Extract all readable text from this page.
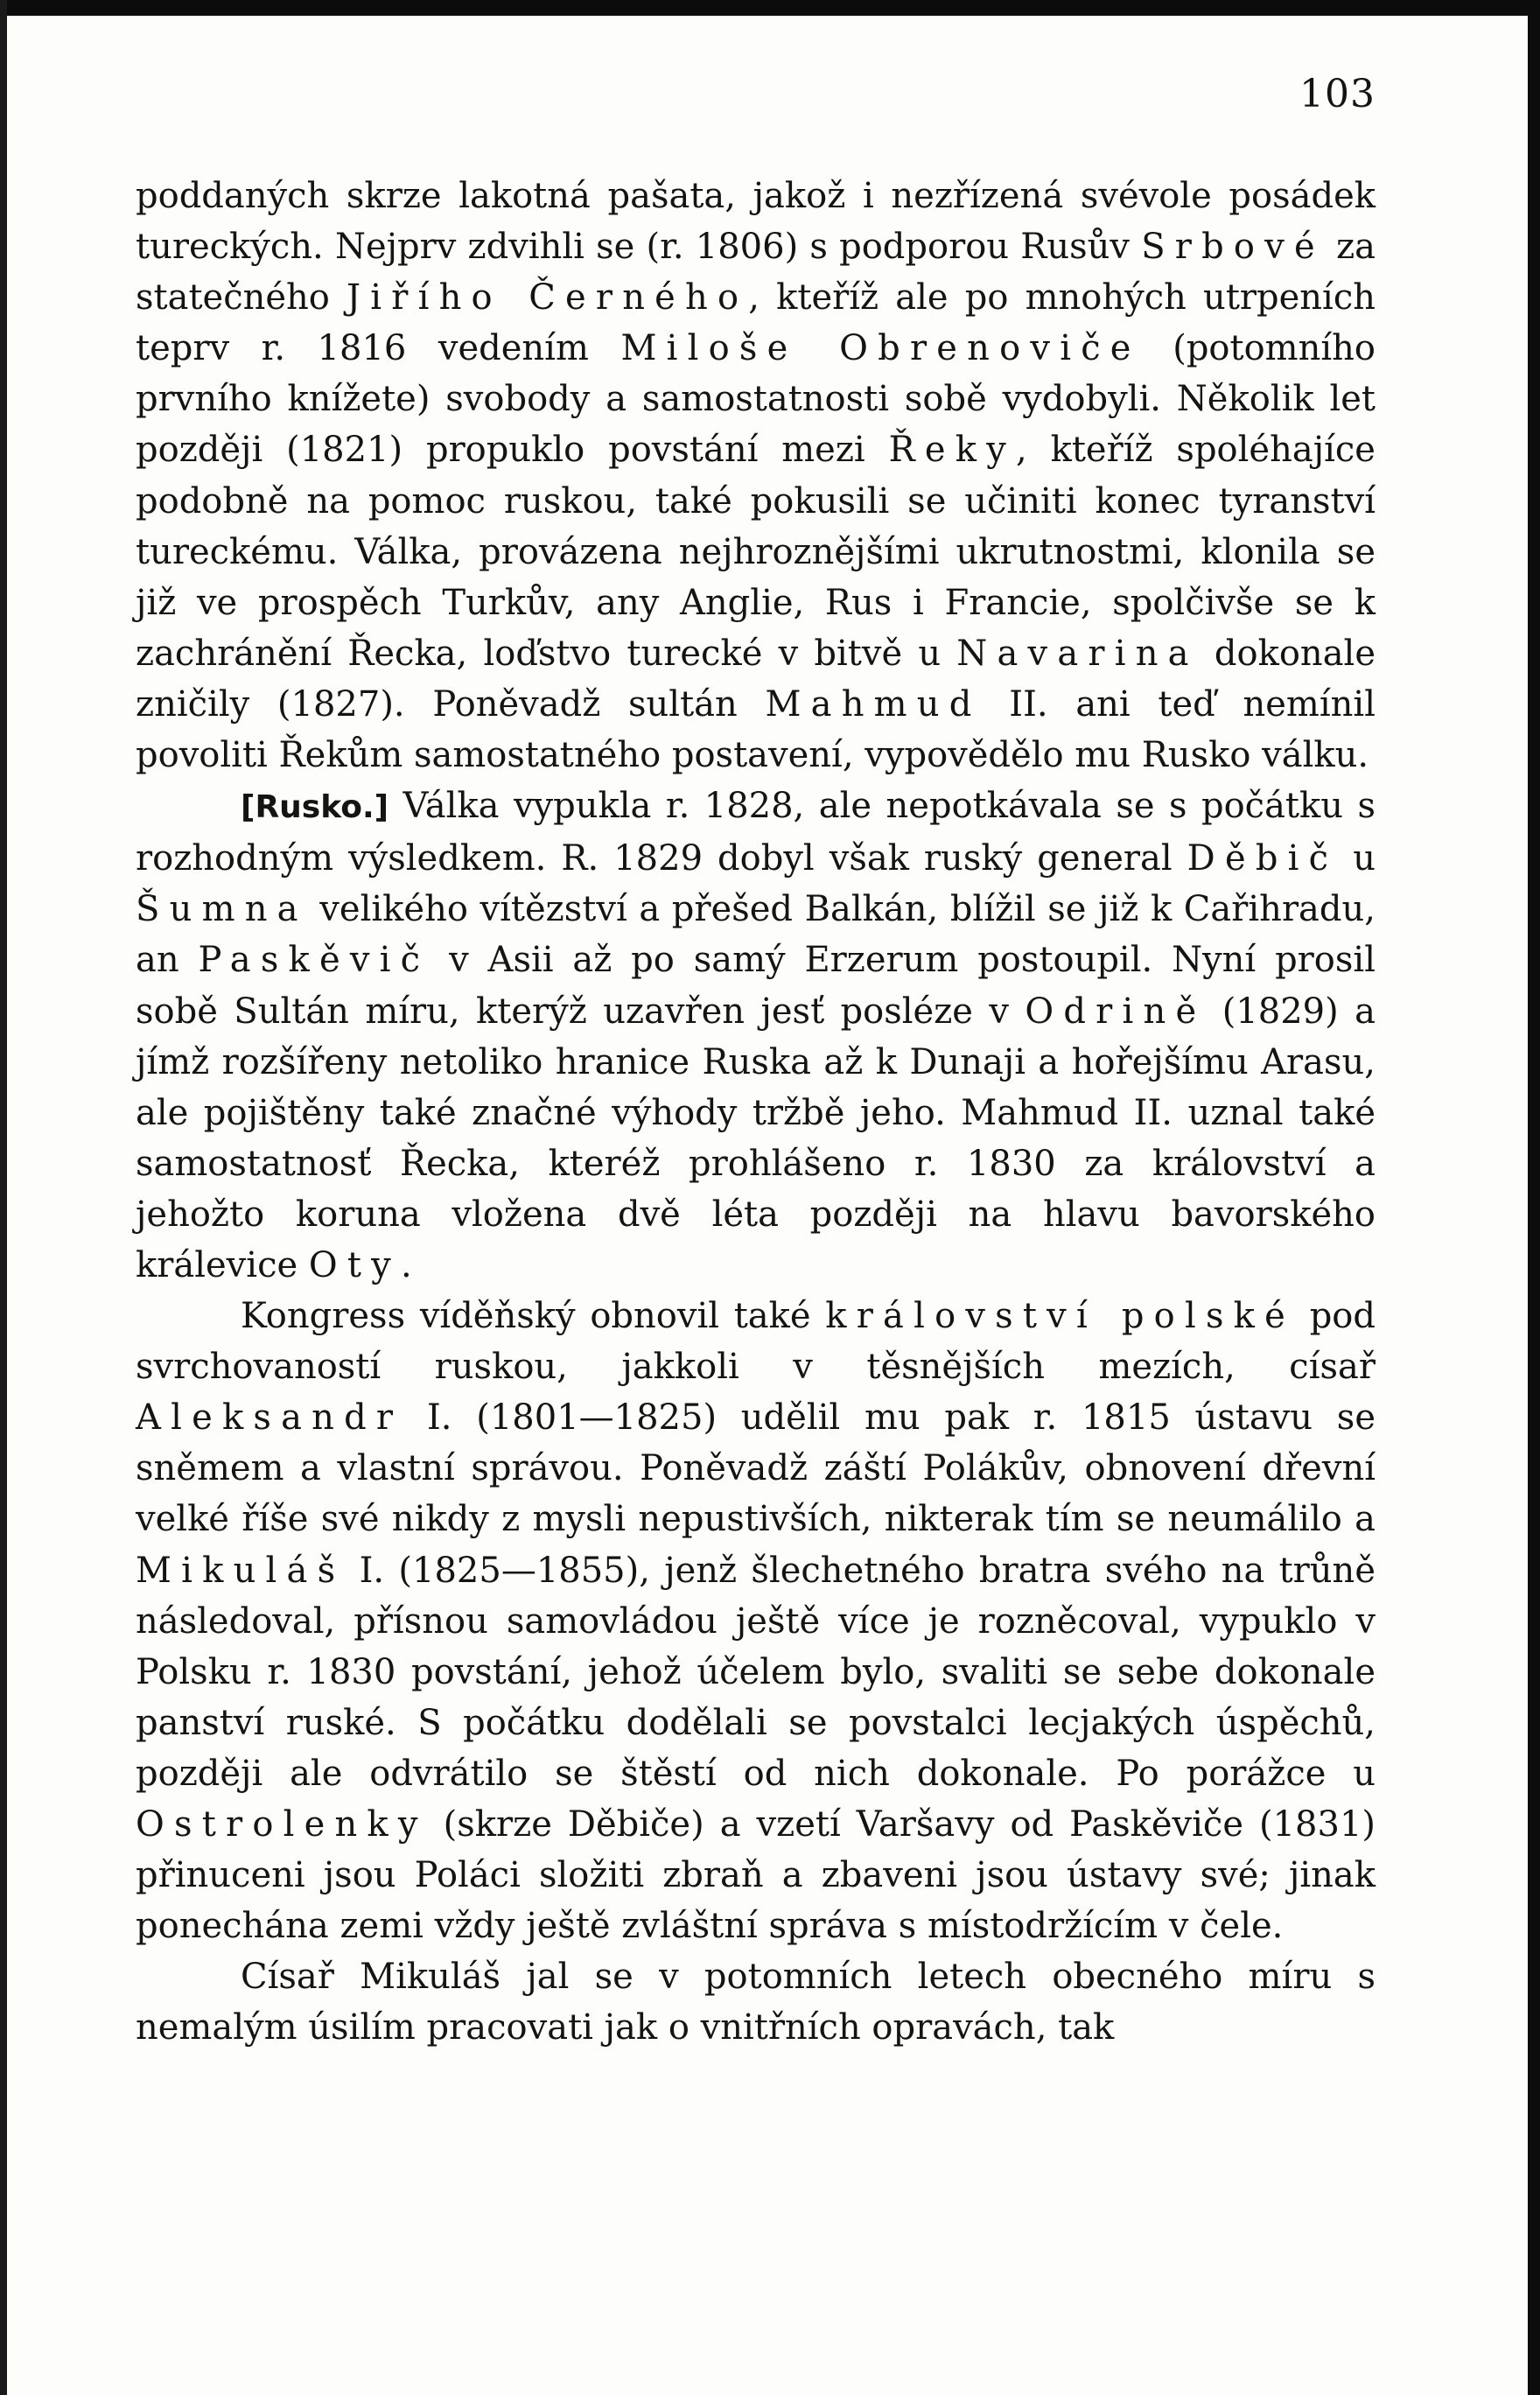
103

poddaných skrze lakotná pašata, jakož i nezřízená svévole posádek tureckých. Nejprv zdvihli se (r. 1806) s podporou Rusův Srbové za statečného Jiřího Černého, kteříž ale po mnohých utrpeních teprv r. 1816 vedením Miloše Obrenoviče (potomního prvního knížete) svobody a samostatnosti sobě vydobyli. Několik let později (1821) propuklo povstání mezi Řeky, kteříž spoléhajíce podobně na pomoc ruskou, také pokusili se učiniti konec tyranství tureckému. Válka, provázena nejhroznějšími ukrutnostmi, klonila se již ve prospěch Turkův, any Anglie, Rus i Francie, spolčivše se k zachránění Řecka, loďstvo turecké v bitvě u Navarina dokonale zničily (1827). Poněvadž sultán Mahmud II. ani teď nemínil povoliti Řekům samostatného postavení, vypovědělo mu Rusko válku.

[Rusko.] Válka vypukla r. 1828, ale nepotkávala se s počátku s rozhodným výsledkem. R. 1829 dobyl však ruský general Děbič u Šumna velikého vítězství a přešed Balkán, blížil se již k Cařihradu, an Paskěvič v Asii až po samý Erzerum postoupil. Nyní prosil sobě Sultán míru, kterýž uzavřen jesť posléze v Odrině (1829) a jímž rozšířeny netoliko hranice Ruska až k Dunaji a hořejšímu Arasu, ale pojištěny také značné výhody tržbě jeho. Mahmud II. uznal také samostatnosť Řecka, kteréž prohlášeno r. 1830 za království a jehožto koruna vložena dvě léta později na hlavu bavorského králevice Oty.

Kongress víděňský obnovil také království polské pod svrchovaností ruskou, jakkoli v těsnějších mezích, císař Aleksandr I. (1801—1825) udělil mu pak r. 1815 ústavu se sněmem a vlastní správou. Poněvadž záští Polákův, obnovení dřevní velké říše své nikdy z mysli nepustivších, nikterak tím se neumálilo a Mikuláš I. (1825—1855), jenž šlechetného bratra svého na trůně následoval, přísnou samovládou ještě více je rozněcoval, vypuklo v Polsku r. 1830 povstání, jehož účelem bylo, svaliti se sebe dokonale panství ruské. S počátku dodělali se povstalci lecjakých úspěchů, později ale odvrátilo se štěstí od nich dokonale. Po porážce u Ostrolenky (skrze Děbiče) a vzetí Varšavy od Paskěviče (1831) přinuceni jsou Poláci složiti zbraň a zbaveni jsou ústavy své; jinak ponechána zemi vždy ještě zvláštní správa s místodržícím v čele.

Císař Mikuláš jal se v potomních letech obecného míru s nemalým úsilím pracovati jak o vnitřních opravách, tak
